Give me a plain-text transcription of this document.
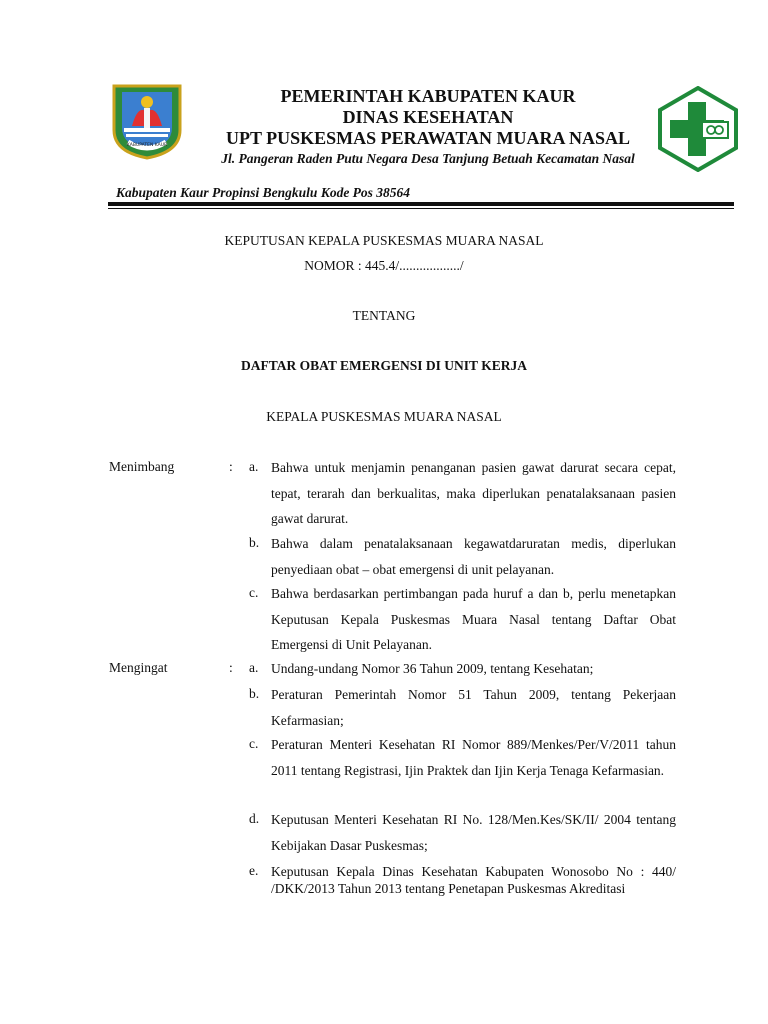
KABUPATEN KAUR
PEMERINTAH KABUPATEN KAUR
DINAS KESEHATAN
UPT PUSKESMAS PERAWATAN MUARA NASAL
Jl. Pangeran Raden Putu Negara Desa Tanjung Betuah Kecamatan Nasal
Kabupaten Kaur Propinsi Bengkulu Kode Pos 38564
KEPUTUSAN KEPALA PUSKESMAS MUARA NASAL
NOMOR : 445.4/................../
TENTANG
DAFTAR OBAT EMERGENSI DI UNIT KERJA
KEPALA PUSKESMAS MUARA NASAL
Menimbang	: a. Bahwa untuk menjamin penanganan pasien gawat darurat secara cepat, tepat, terarah dan berkualitas, maka diperlukan penatalaksanaan pasien gawat darurat.
b. Bahwa dalam penatalaksanaan kegawatdaruratan medis, diperlukan penyediaan obat – obat emergensi di unit pelayanan.
c. Bahwa berdasarkan pertimbangan pada huruf a dan b, perlu menetapkan Keputusan Kepala Puskesmas Muara Nasal tentang Daftar Obat Emergensi di Unit Pelayanan.
Mengingat	: a. Undang-undang Nomor 36 Tahun 2009, tentang Kesehatan;
b. Peraturan Pemerintah Nomor 51 Tahun 2009, tentang Pekerjaan Kefarmasian;
c. Peraturan Menteri Kesehatan RI Nomor 889/Menkes/Per/V/2011 tahun 2011 tentang Registrasi, Ijin Praktek dan Ijin Kerja Tenaga Kefarmasian.
d. Keputusan Menteri Kesehatan RI No. 128/Men.Kes/SK/II/ 2004 tentang Kebijakan Dasar Puskesmas;
e. Keputusan Kepala Dinas Kesehatan Kabupaten Wonosobo No : 440/        /DKK/2013 Tahun 2013 tentang Penetapan Puskesmas Akreditasi
